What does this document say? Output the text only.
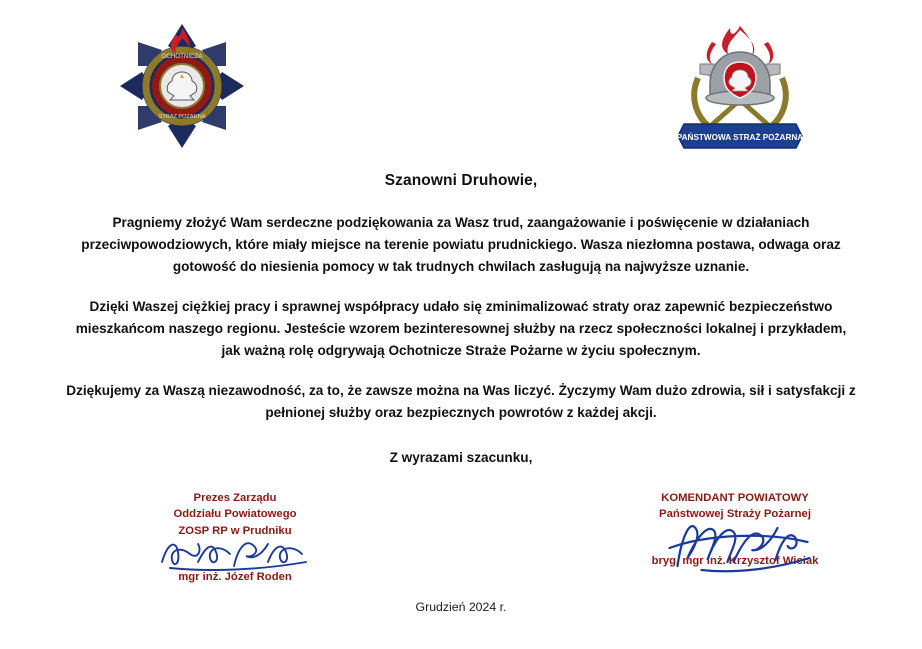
OCHOTNICZA
STRAZ POZARNA
PAŃSTWOWA STRAŻ POŻARNA
Szanowni Druhowie,

Pragniemy złożyć Wam serdeczne podziękowania za Wasz trud, zaangażowanie i poświęcenie w działaniach przeciwpowodziowych, które miały miejsce na terenie powiatu prudnickiego. Wasza niezłomna postawa, odwaga oraz gotowość do niesienia pomocy w tak trudnych chwilach zasługują na najwyższe uznanie.

Dzięki Waszej ciężkiej pracy i sprawnej współpracy udało się zminimalizować straty oraz zapewnić bezpieczeństwo mieszkańcom naszego regionu. Jesteście wzorem bezinteresownej służby na rzecz społeczności lokalnej i przykładem, jak ważną rolę odgrywają Ochotnicze Straże Pożarne w życiu społecznym.

Dziękujemy za Waszą niezawodność, za to, że zawsze można na Was liczyć. Życzymy Wam dużo zdrowia, sił i satysfakcji z pełnionej służby oraz bezpiecznych powrotów z każdej akcji.

Z wyrazami szacunku,
Prezes Zarządu
Oddziału Powiatowego
ZOSP RP w Prudniku
mgr inż. Józef Roden
KOMENDANT POWIATOWY
Państwowej Straży Pożarnej
bryg. mgr inż. Krzysztof Wiciak
Grudzień 2024 r.
